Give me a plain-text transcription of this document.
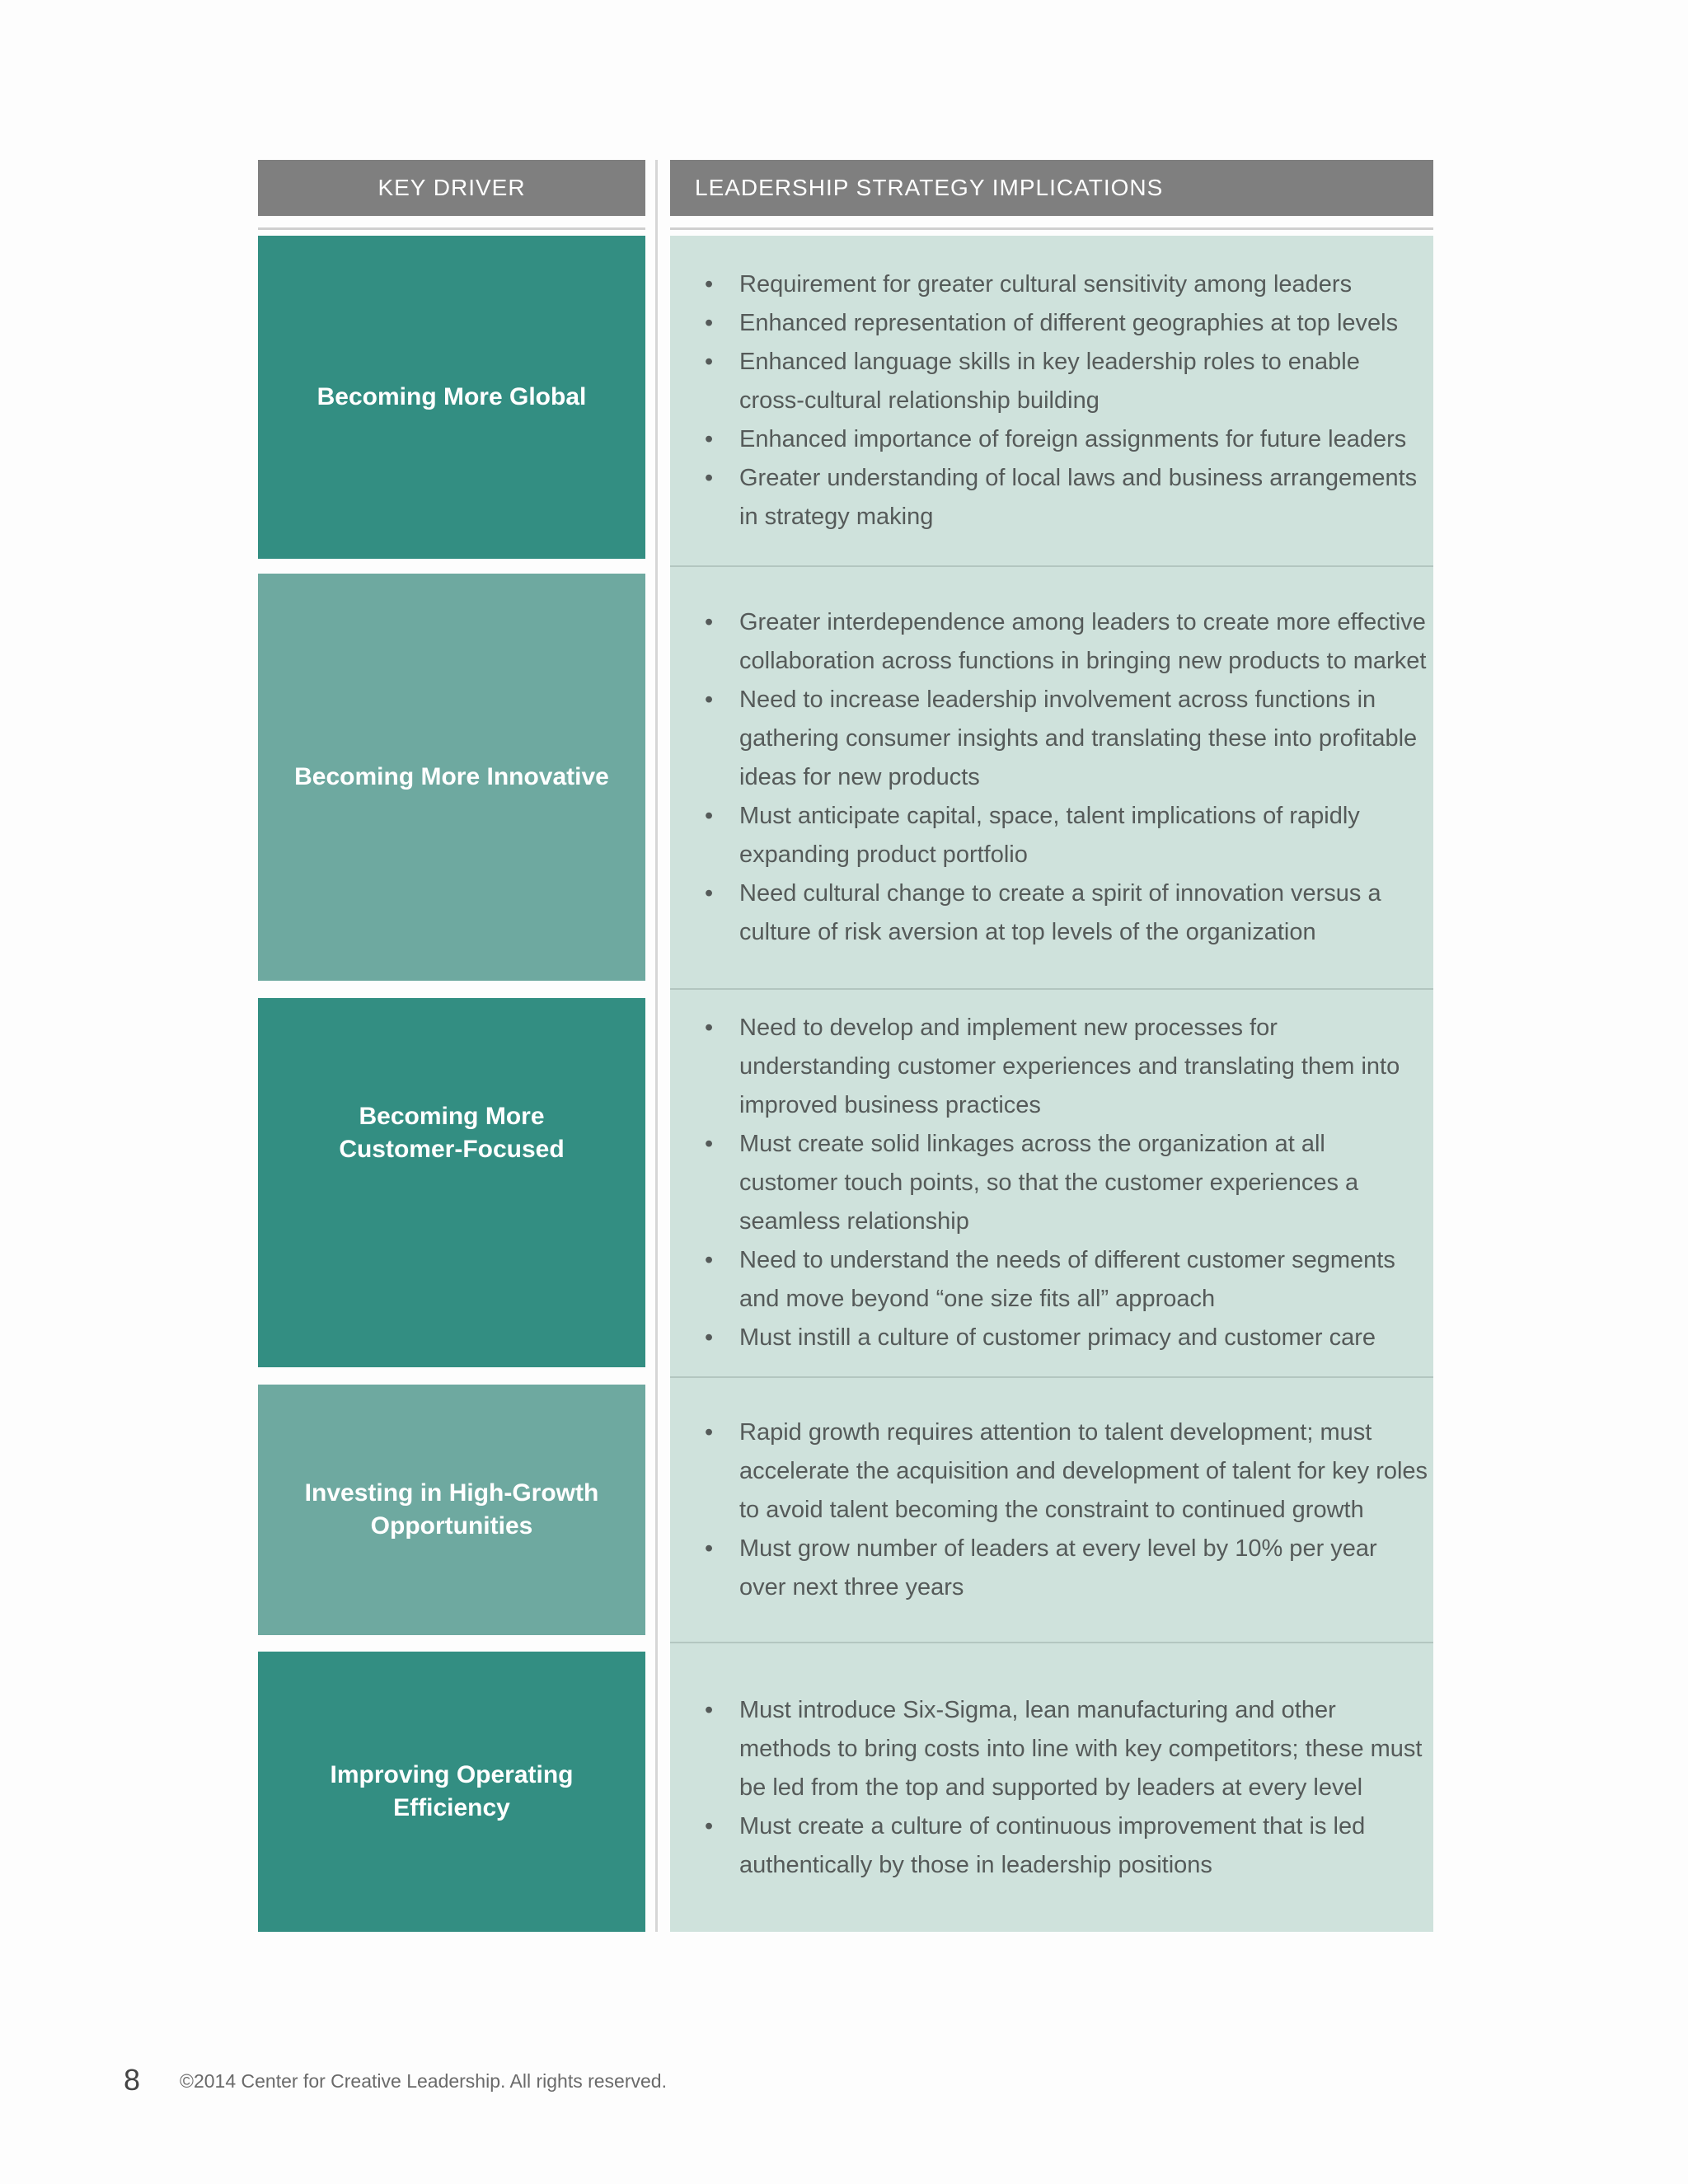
KEY DRIVER	LEADERSHIP STRATEGY IMPLICATIONS
Becoming More Global
• Requirement for greater cultural sensitivity among leaders
• Enhanced representation of different geographies at top levels
• Enhanced language skills in key leadership roles to enable cross-cultural relationship building
• Enhanced importance of foreign assignments for future leaders
• Greater understanding of local laws and business arrangements in strategy making
Becoming More Innovative
• Greater interdependence among leaders to create more effective collaboration across functions in bringing new products to market
• Need to increase leadership involvement across functions in gathering consumer insights and translating these into profitable ideas for new products
• Must anticipate capital, space, talent implications of rapidly expanding product portfolio
• Need cultural change to create a spirit of innovation versus a culture of risk aversion at top levels of the organization
Becoming More Customer-Focused
• Need to develop and implement new processes for understanding customer experiences and translating them into improved business practices
• Must create solid linkages across the organization at all customer touch points, so that the customer experiences a seamless relationship
• Need to understand the needs of different customer segments and move beyond “one size fits all” approach
• Must instill a culture of customer primacy and customer care
Investing in High-Growth Opportunities
• Rapid growth requires attention to talent development; must accelerate the acquisition and development of talent for key roles to avoid talent becoming the constraint to continued growth
• Must grow number of leaders at every level by 10% per year over next three years
Improving Operating Efficiency
• Must introduce Six-Sigma, lean manufacturing and other methods to bring costs into line with key competitors; these must be led from the top and supported by leaders at every level
• Must create a culture of continuous improvement that is led authentically by those in leadership positions
8 ©2014 Center for Creative Leadership. All rights reserved.
